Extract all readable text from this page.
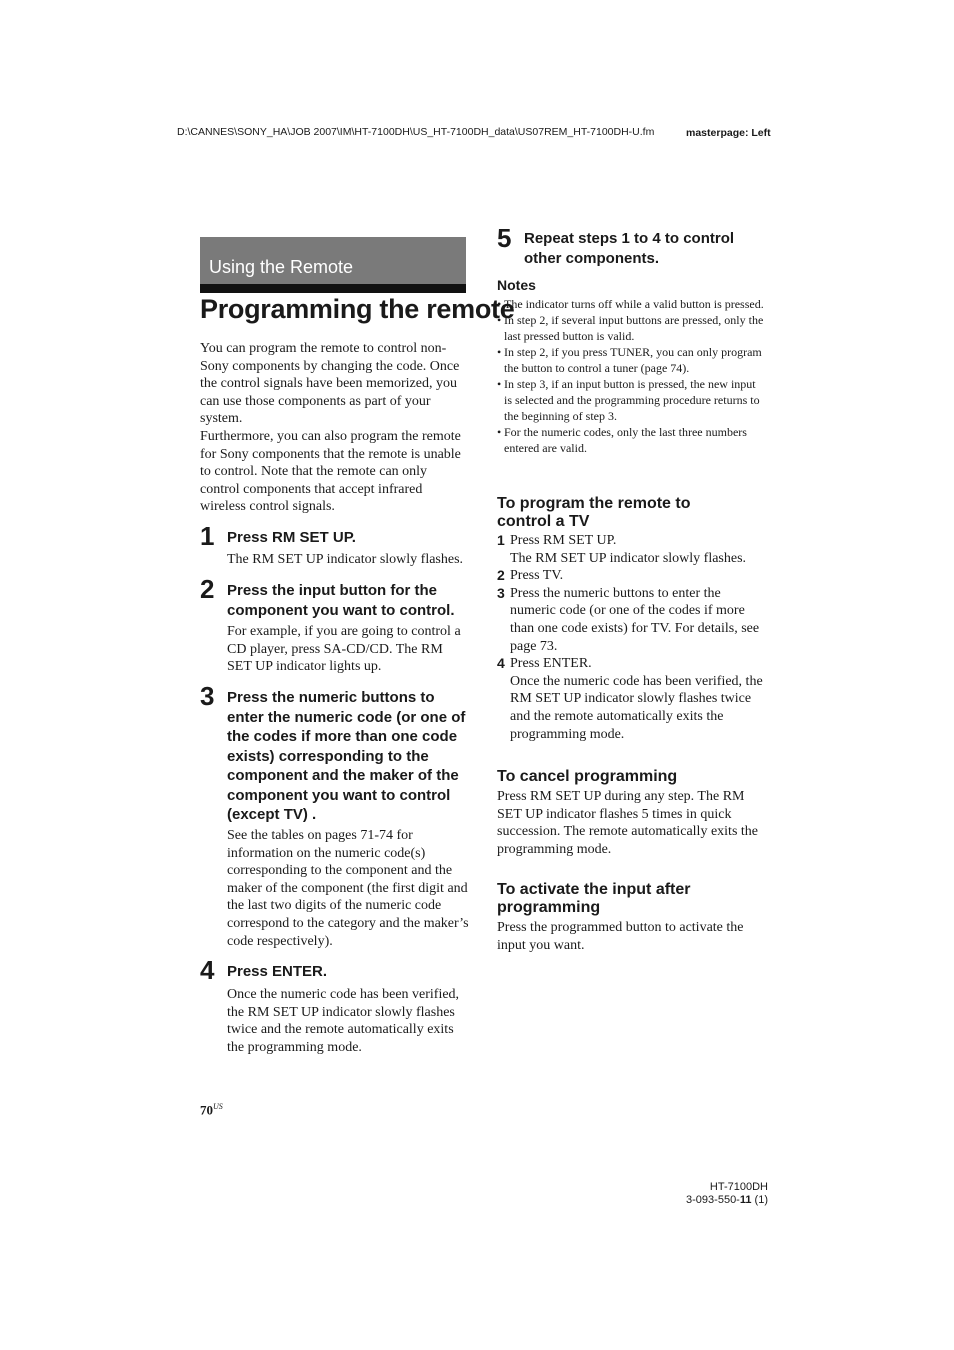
D:\CANNES\SONY_HA\JOB 2007\IM\HT-7100DH\US_HT-7100DH_data\US07REM_HT-7100DH-U.fm	masterpage: Left
Using the Remote
Programming the remote
You can program the remote to control non-Sony components by changing the code. Once the control signals have been memorized, you can use those components as part of your system.
Furthermore, you can also program the remote for Sony components that the remote is unable to control. Note that the remote can only control components that accept infrared wireless control signals.
1 Press RM SET UP.
The RM SET UP indicator slowly flashes.
2 Press the input button for the component you want to control.
For example, if you are going to control a CD player, press SA-CD/CD. The RM SET UP indicator lights up.
3 Press the numeric buttons to enter the numeric code (or one of the codes if more than one code exists) corresponding to the component and the maker of the component you want to control (except TV) .
See the tables on pages 71-74 for information on the numeric code(s) corresponding to the component and the maker of the component (the first digit and the last two digits of the numeric code correspond to the category and the maker’s code respectively).
4 Press ENTER.
Once the numeric code has been verified, the RM SET UP indicator slowly flashes twice and the remote automatically exits the programming mode.
5 Repeat steps 1 to 4 to control other components.
Notes
• The indicator turns off while a valid button is pressed.
• In step 2, if several input buttons are pressed, only the last pressed button is valid.
• In step 2, if you press TUNER, you can only program the button to control a tuner (page 74).
• In step 3, if an input button is pressed, the new input is selected and the programming procedure returns to the beginning of step 3.
• For the numeric codes, only the last three numbers entered are valid.
To program the remote to control a TV
1 Press RM SET UP.
The RM SET UP indicator slowly flashes.
2 Press TV.
3 Press the numeric buttons to enter the numeric code (or one of the codes if more than one code exists) for TV. For details, see page 73.
4 Press ENTER.
Once the numeric code has been verified, the RM SET UP indicator slowly flashes twice and the remote automatically exits the programming mode.
To cancel programming
Press RM SET UP during any step. The RM SET UP indicator flashes 5 times in quick succession. The remote automatically exits the programming mode.
To activate the input after programming
Press the programmed button to activate the input you want.
$70^{US}$
HT-7100DH
3-093-550-11 (1)
